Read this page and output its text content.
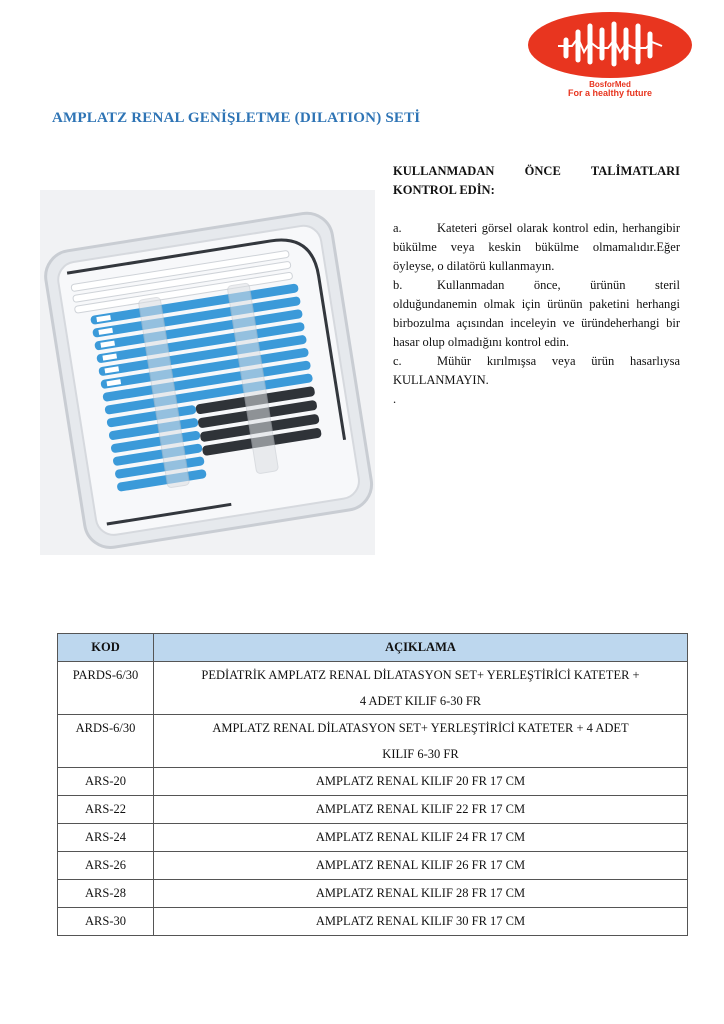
BosforMed
For a healthy future
AMPLATZ RENAL GENİŞLETME (DILATION) SETİ
KULLANMADAN ÖNCE TALİMATLARI
KONTROL EDİN:

a.	Kateteri görsel olarak kontrol edin, herhangibir bükülme veya keskin bükülme olmamalıdır.Eğer öyleyse, o dilatörü kullanmayın.

b.	Kullanmadan önce, ürünün steril olduğundanemin olmak için ürünün paketini herhangi birbozulma açısından inceleyin ve üründeherhangi bir hasar olup olmadığını kontrol edin.

c.	Mühür kırılmışsa veya ürün hasarlıysa KULLANMAYIN.

.

KOD	AÇIKLAMA
PARDS-6/30	PEDİATRİK AMPLATZ RENAL DİLATASYON SET+ YERLEŞTİRİCİ KATETER +
4 ADET KILIF 6-30 FR

ARDS-6/30	AMPLATZ RENAL DİLATASYON SET+ YERLEŞTİRİCİ KATETER + 4 ADET
KILIF 6-30 FR

ARS-20	AMPLATZ RENAL KILIF 20 FR 17 CM
ARS-22	AMPLATZ RENAL KILIF 22 FR 17 CM
ARS-24	AMPLATZ RENAL KILIF 24 FR 17 CM
ARS-26	AMPLATZ RENAL KILIF 26 FR 17 CM
ARS-28	AMPLATZ RENAL KILIF 28 FR 17 CM
ARS-30	AMPLATZ RENAL KILIF 30 FR 17 CM
